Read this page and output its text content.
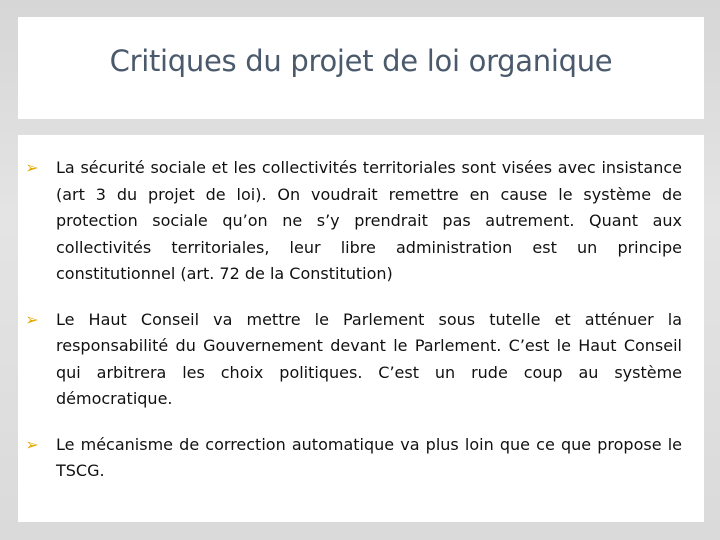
Critiques du projet de loi organique
➢ La sécurité sociale et les collectivités territoriales sont visées avec insistance (art 3 du projet de loi). On voudrait remettre en cause le système de protection sociale qu’on ne s’y prendrait pas autrement. Quant aux collectivités territoriales, leur libre administration est un principe constitutionnel (art. 72 de la Constitution)
➢ Le Haut Conseil va mettre le Parlement sous tutelle et atténuer la responsabilité du Gouvernement devant le Parlement. C’est le Haut Conseil qui arbitrera les choix politiques. C’est un rude coup au système démocratique.
➢ Le mécanisme de correction automatique va plus loin que ce que propose le TSCG.
